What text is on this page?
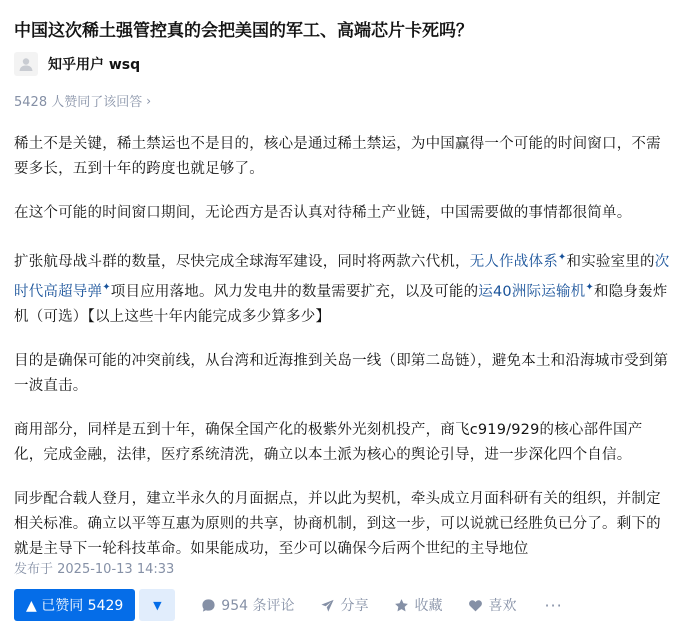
中国这次稀土强管控真的会把美国的军工、高端芯片卡死吗？
知乎用户 wsq
5428 人赞同了该回答 ›

稀土不是关键，稀土禁运也不是目的，核心是通过稀土禁运，为中国赢得一个可能的时间窗口，不需要多长，五到十年的跨度也就足够了。

在这个可能的时间窗口期间，无论西方是否认真对待稀土产业链，中国需要做的事情都很简单。

扩张航母战斗群的数量，尽快完成全球海军建设，同时将两款六代机，无人作战体系✦和实验室里的次时代高超导弹✦项目应用落地。风力发电井的数量需要扩充，以及可能的运40洲际运输机✦和隐身轰炸机（可选）【以上这些十年内能完成多少算多少】

目的是确保可能的冲突前线，从台湾和近海推到关岛一线（即第二岛链），避免本土和沿海城市受到第一波直击。

商用部分，同样是五到十年，确保全国产化的极紫外光刻机投产，商飞c919/929的核心部件国产化，完成金融，法律，医疗系统清洗，确立以本土派为核心的舆论引导，进一步深化四个自信。

同步配合载人登月，建立半永久的月面据点，并以此为契机，牵头成立月面科研有关的组织，并制定相关标准。确立以平等互惠为原则的共享，协商机制，到这一步，可以说就已经胜负已分了。剩下的就是主导下一轮科技革命。如果能成功，至少可以确保今后两个世纪的主导地位

发布于 2025-10-13 14:33
▲ 已赞同 5429	▼	954 条评论	分享	收藏	喜欢 ···
